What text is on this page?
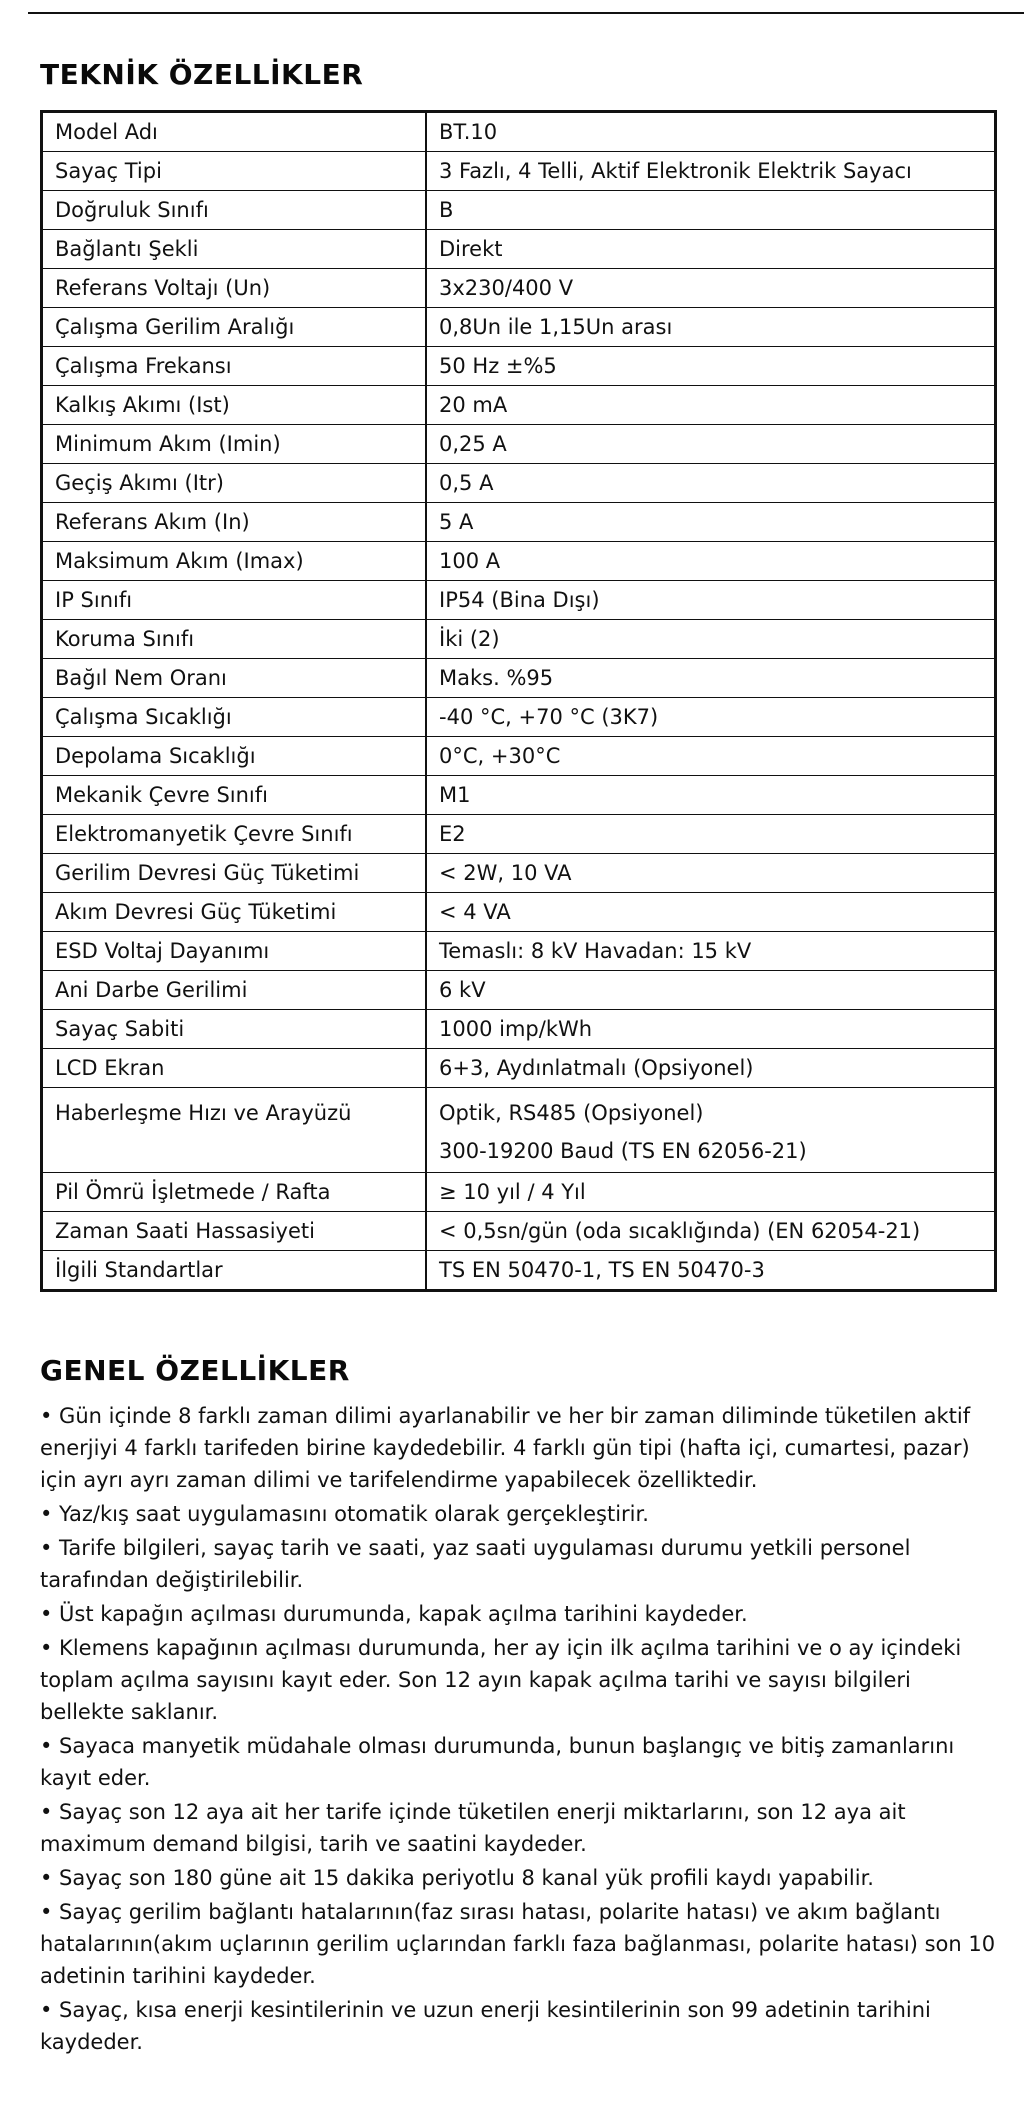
TEKNİK ÖZELLİKLER
Model Adı	BT.10
Sayaç Tipi	3 Fazlı, 4 Telli, Aktif Elektronik Elektrik Sayacı
Doğruluk Sınıfı	B
Bağlantı Şekli	Direkt
Referans Voltajı (Un)	3x230/400 V
Çalışma Gerilim Aralığı	0,8Un ile 1,15Un arası
Çalışma Frekansı	50 Hz ±%5
Kalkış Akımı (Ist)	20 mA
Minimum Akım (Imin)	0,25 A
Geçiş Akımı (Itr)	0,5 A
Referans Akım (In)	5 A
Maksimum Akım (Imax)	100 A
IP Sınıfı	IP54 (Bina Dışı)
Koruma Sınıfı	İki (2)
Bağıl Nem Oranı	Maks. %95
Çalışma Sıcaklığı	-40 °C, +70 °C (3K7)
Depolama Sıcaklığı	0°C, +30°C
Mekanik Çevre Sınıfı	M1
Elektromanyetik Çevre Sınıfı	E2
Gerilim Devresi Güç Tüketimi	< 2W, 10 VA
Akım Devresi Güç Tüketimi	< 4 VA
ESD Voltaj Dayanımı	Temaslı: 8 kV Havadan: 15 kV
Ani Darbe Gerilimi	6 kV
Sayaç Sabiti	1000 imp/kWh
LCD Ekran	6+3, Aydınlatmalı (Opsiyonel)
Haberleşme Hızı ve Arayüzü	Optik, RS485 (Opsiyonel)
300-19200 Baud (TS EN 62056-21)

Pil Ömrü İşletmede / Rafta	≥ 10 yıl / 4 Yıl
Zaman Saati Hassasiyeti	< 0,5sn/gün (oda sıcaklığında) (EN 62054-21)
İlgili Standartlar	TS EN 50470-1, TS EN 50470-3
GENEL ÖZELLİKLER

• Gün içinde 8 farklı zaman dilimi ayarlanabilir ve her bir zaman diliminde tüketilen aktif enerjiyi 4 farklı tarifeden birine kaydedebilir. 4 farklı gün tipi (hafta içi, cumartesi, pazar) için ayrı ayrı zaman dilimi ve tarifelendirme yapabilecek özelliktedir.

• Yaz/kış saat uygulamasını otomatik olarak gerçekleştirir.

• Tarife bilgileri, sayaç tarih ve saati, yaz saati uygulaması durumu yetkili personel tarafından değiştirilebilir.

• Üst kapağın açılması durumunda, kapak açılma tarihini kaydeder.

• Klemens kapağının açılması durumunda, her ay için ilk açılma tarihini ve o ay içindeki toplam açılma sayısını kayıt eder. Son 12 ayın kapak açılma tarihi ve sayısı bilgileri bellekte saklanır.

• Sayaca manyetik müdahale olması durumunda, bunun başlangıç ve bitiş zamanlarını kayıt eder.

• Sayaç son 12 aya ait her tarife içinde tüketilen enerji miktarlarını, son 12 aya ait maximum demand bilgisi, tarih ve saatini kaydeder.

• Sayaç son 180 güne ait 15 dakika periyotlu 8 kanal yük profili kaydı yapabilir.

• Sayaç gerilim bağlantı hatalarının(faz sırası hatası, polarite hatası) ve akım bağlantı hatalarının(akım uçlarının gerilim uçlarından farklı faza bağlanması, polarite hatası) son 10 adetinin tarihini kaydeder.

• Sayaç, kısa enerji kesintilerinin ve uzun enerji kesintilerinin son 99 adetinin tarihini kaydeder.
